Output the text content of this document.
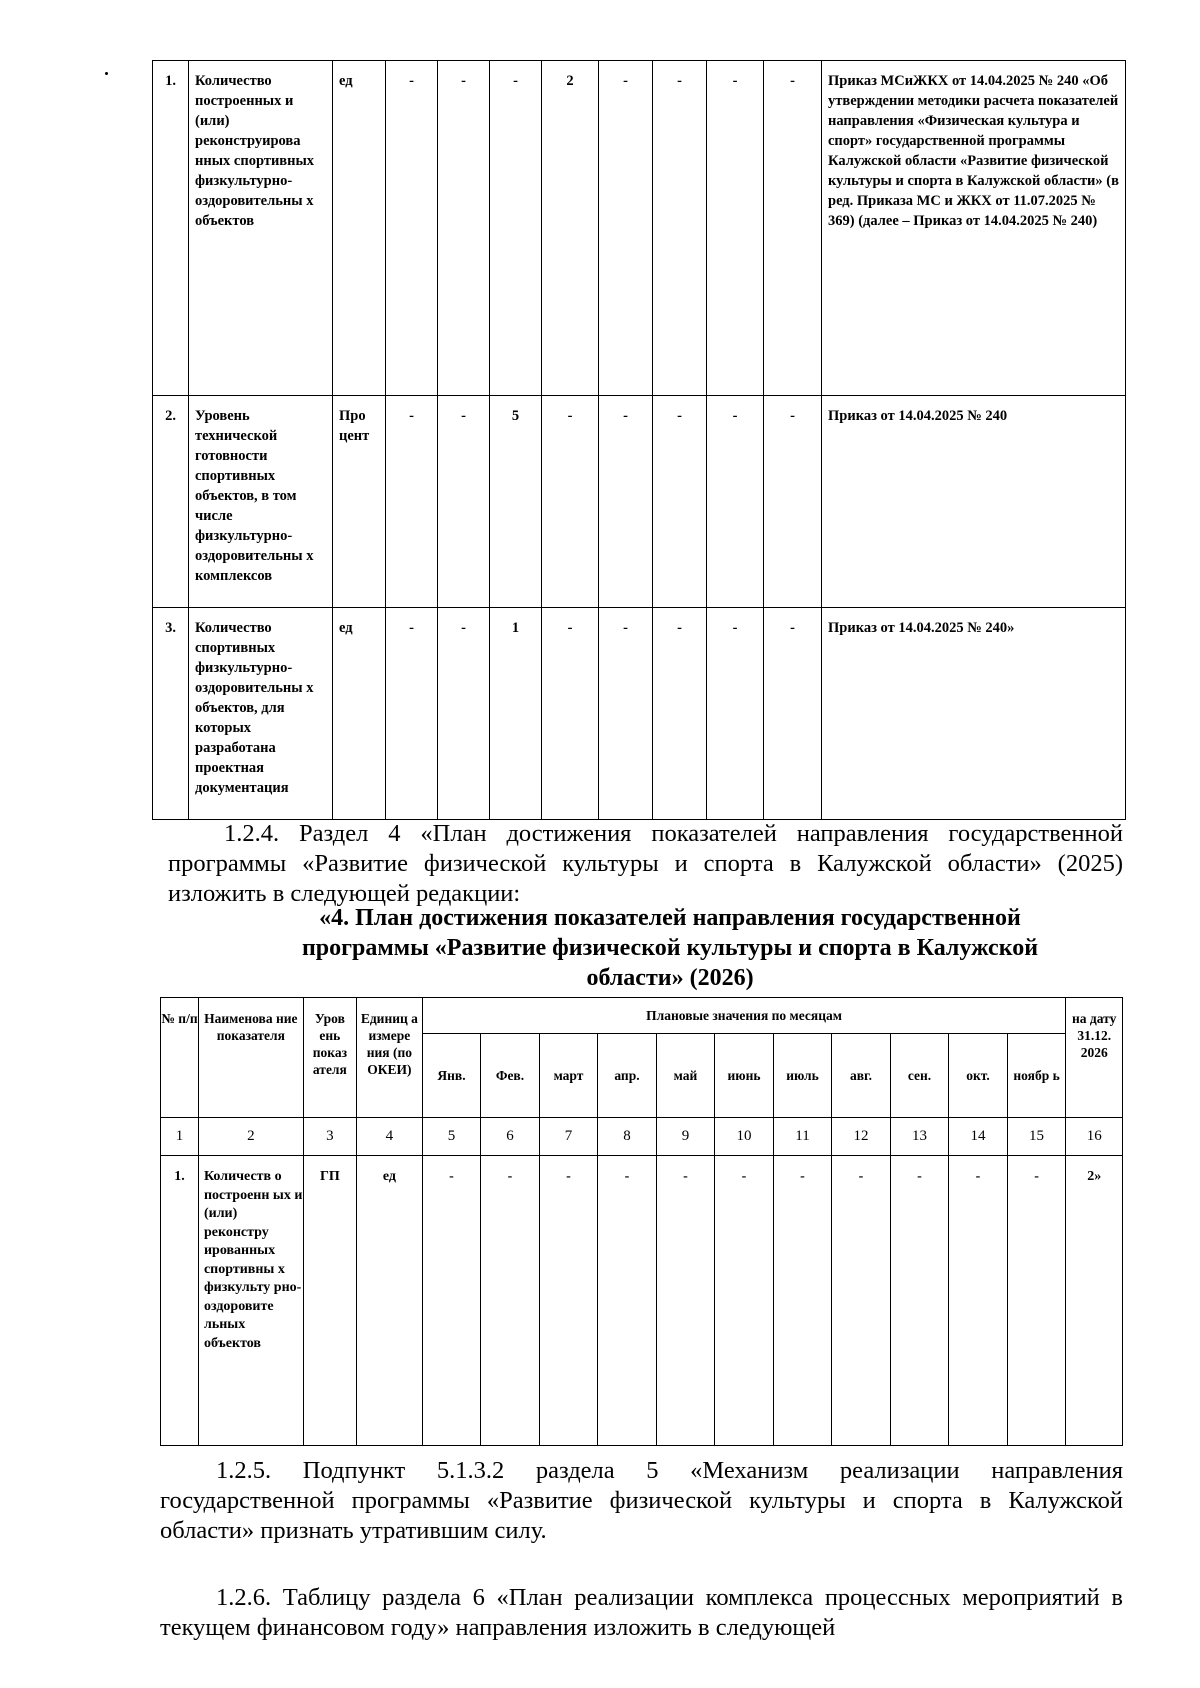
1.	Количество построенных и (или) реконструирова нных спортивных физкультурно-оздоровительны х объектов	ед	-	-	-	2	-	-	-	-	Приказ МСиЖКХ от 14.04.2025 № 240 «Об утверждении методики расчета показателей направления «Физическая культура и спорт» государственной программы Калужской области «Развитие физической культуры и спорта в Калужской области» (в ред. Приказа МС и ЖКХ от 11.07.2025 № 369) (далее – Приказ от 14.04.2025 № 240)
2.	Уровень технической готовности спортивных объектов, в том числе физкультурно-оздоровительны х комплексов	Про цент	-	-	5	-	-	-	-	-	Приказ от 14.04.2025 № 240
3.	Количество спортивных физкультурно-оздоровительны х объектов, для которых разработана проектная документация	ед	-	-	1	-	-	-	-	-	Приказ от 14.04.2025 № 240»
1.2.4. Раздел 4 «План достижения показателей направления государственной программы «Развитие физической культуры и спорта в Калужской области» (2025) изложить в следующей редакции:
«4. План достижения показателей направления государственной программы «Развитие физической культуры и спорта в Калужской области» (2026)
№ п/п	Наименова ние показателя	Уров ень показ ателя	Единиц а измере ния (по ОКЕИ)	Плановые значения по месяцам											на дату 31.12. 2026
				Янв.	Фев.	март	апр.	май	июнь	июль	авг.	сен.	окт.	ноябр ь	
1	2	3	4	5	6	7	8	9	10	11	12	13	14	15	16
1.	Количеств о построенн ых и (или) реконстру ированных спортивны х физкульту рно-оздоровите льных объектов	ГП	ед	-	-	-	-	-	-	-	-	-	-	-	2»
1.2.5. Подпункт 5.1.3.2 раздела 5 «Механизм реализации направления государственной программы «Развитие физической культуры и спорта в Калужской области» признать утратившим силу.
1.2.6. Таблицу раздела 6 «План реализации комплекса процессных мероприятий в текущем финансовом году» направления изложить в следующей
